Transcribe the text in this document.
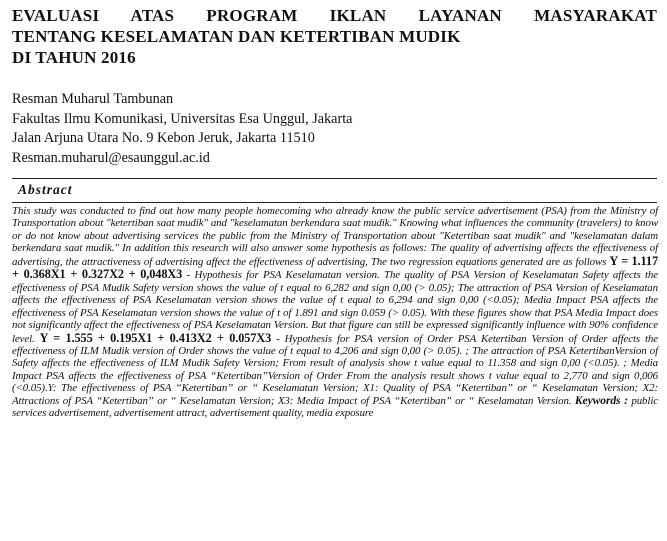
EVALUASI ATAS PROGRAM IKLAN LAYANAN MASYARAKAT
TENTANG KESELAMATAN DAN KETERTIBAN MUDIK
DI TAHUN 2016
Resman Muharul Tambunan
Fakultas Ilmu Komunikasi, Universitas Esa Unggul, Jakarta
Jalan Arjuna Utara No. 9 Kebon Jeruk, Jakarta 11510
Resman.muharul@esaunggul.ac.id
Abstract
This study was conducted to find out how many people homecoming who already know the public service advertisement (PSA) from the Ministry of Transportation about "ketertiban saat mudik" and "keselamatan berkendara saat mudik." Knowing what influences the community (travelers) to know or do not know about advertising services the public from the Ministry of Transportation about "Ketertiban saat mudik" and "keselamatan dalam berkendara saat mudik." In addition this research will also answer some hypothesis as follows: The quality of advertising affects the effectiveness of advertising, the attractiveness of advertising affect the effectiveness of advertising, The two regression equations generated are as follows Y = 1.117 + 0.368X1 + 0.327X2 + 0,048X3 - Hypothesis for PSA Keselamatan version. The quality of PSA Version of Keselamatan Safety affects the effectiveness of PSA Mudik Safety version shows the value of t equal to 6,282 and sign 0,00 (> 0.05); The attraction of PSA Version of Keselamatan affects the effectiveness of PSA Keselamatan version shows the value of t equal to 6,294 and sign 0,00 (<0.05); Media Impact PSA affects the effectiveness of PSA Keselamatan version shows the value of t of 1.891 and sign 0.059 (> 0.05). With these figures show that PSA Media Impact does not significantly affect the effectiveness of PSA Keselamatan Version. But that figure can still be expressed significantly influence with 90% confidence level. Y = 1.555 + 0.195X1 + 0.413X2 + 0.057X3 - Hypothesis for PSA version of Order PSA Ketertiban Version of Order affects the effectiveness of ILM Mudik version of Order shows the value of t equal to 4,206 and sign 0,00 (> 0.05). ; The attraction of PSA KetertibanVersion of Safety affects the effectiveness of ILM Mudik Safety Version; From result of analysis show t value equal to 11.358 and sign 0,00 (<0.05). ; Media Impact PSA affects the effectiveness of PSA “Ketertiban”Version of Order From the analysis result shows t value equal to 2,770 and sign 0,006 (<0.05).Y: The effectiveness of PSA “Ketertiban” or “ Keselamatan Version; X1: Quality of PSA “Ketertiban” or “ Keselamatan Version; X2: Attractions of PSA “Ketertiban” or “ Keselamatan Version; X3: Media Impact of PSA “Ketertiban” or “ Keselamatan Version. Keywords : public services advertisement, advertisement attract, advertisement quality, media exposure
